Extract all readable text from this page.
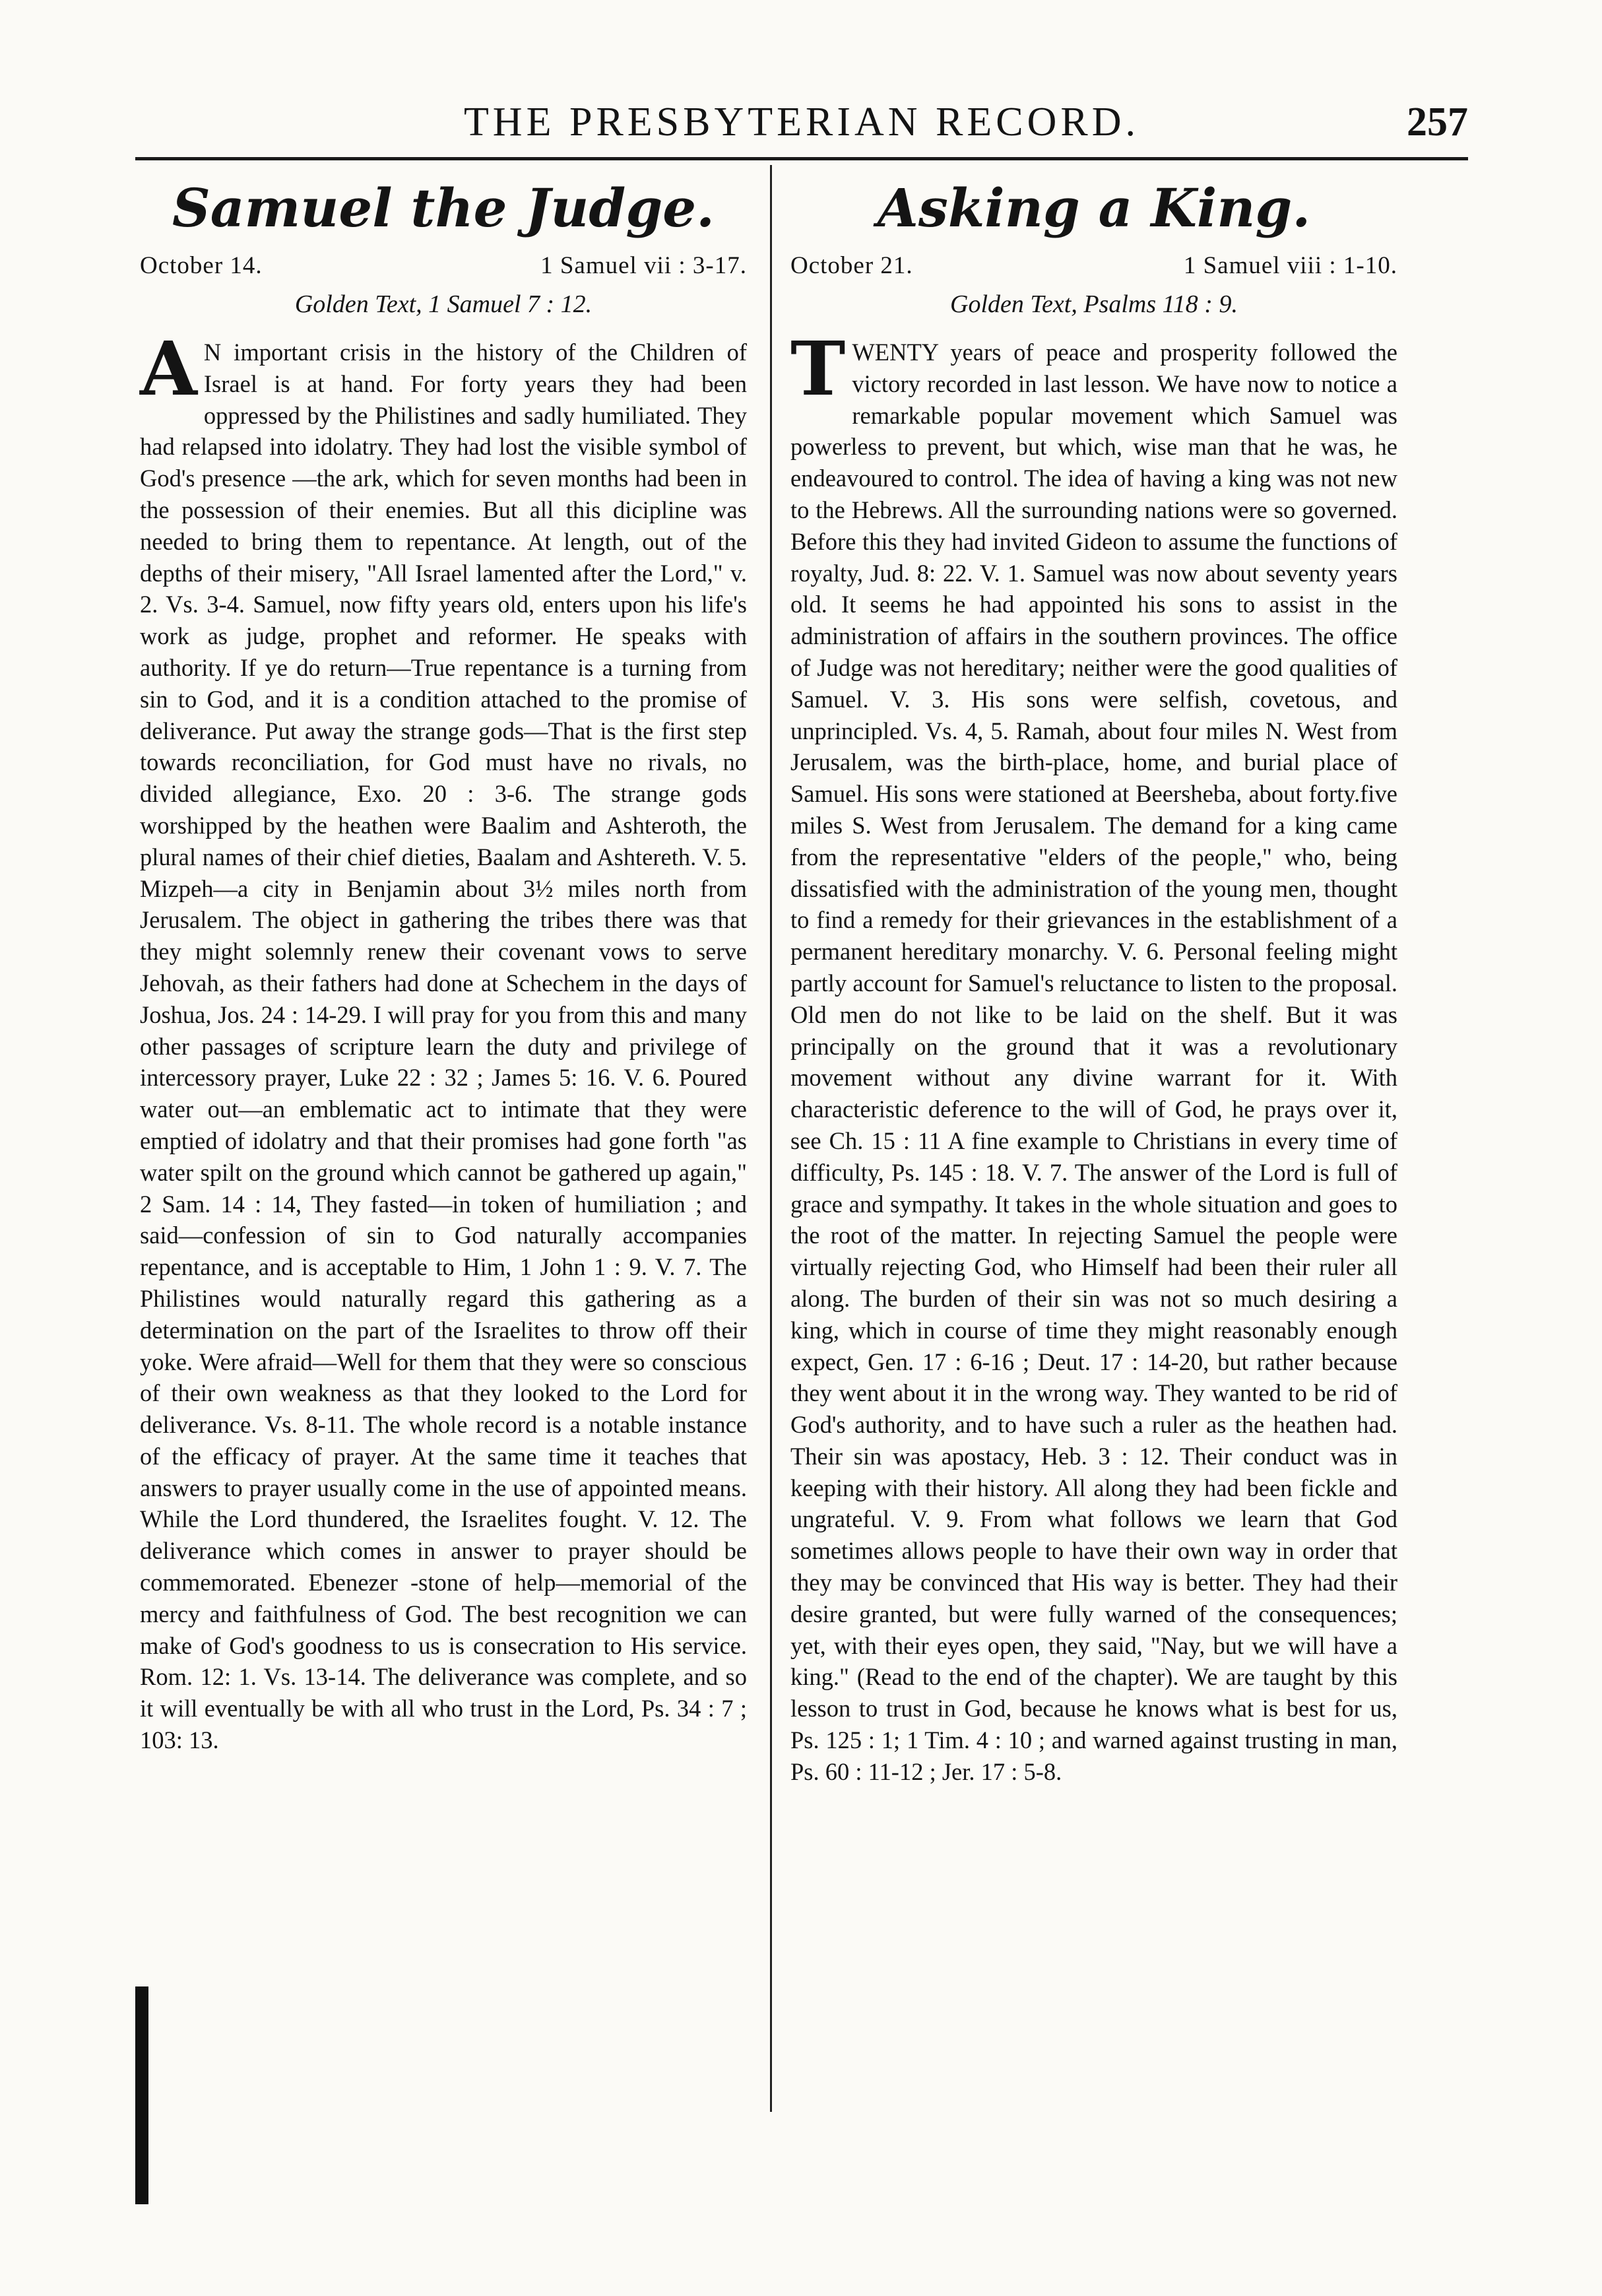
THE PRESBYTERIAN RECORD.	257
Samuel the Judge.
October 14.	1 Samuel vii : 3-17.
Golden Text, 1 Samuel 7 : 12.

A N important crisis in the history of the Children of Israel is at hand. For forty years they had been oppressed by the Philistines and sadly humiliated. They had relapsed into idolatry. They had lost the visible symbol of God's presence —the ark, which for seven months had been in the possession of their enemies. But all this dicipline was needed to bring them to repentance. At length, out of the depths of their misery, "All Israel lamented after the Lord," v. 2. Vs. 3-4. Samuel, now fifty years old, enters upon his life's work as judge, prophet and reformer. He speaks with authority. If ye do return—True repentance is a turning from sin to God, and it is a condition attached to the promise of deliverance. Put away the strange gods—That is the first step towards reconciliation, for God must have no rivals, no divided allegiance, Exo. 20 : 3-6. The strange gods worshipped by the heathen were Baalim and Ashteroth, the plural names of their chief dieties, Baalam and Ashtereth. V. 5. Mizpeh—a city in Benjamin about 3½ miles north from Jerusalem. The object in gathering the tribes there was that they might solemnly renew their covenant vows to serve Jehovah, as their fathers had done at Schechem in the days of Joshua, Jos. 24 : 14-29. I will pray for you from this and many other passages of scripture learn the duty and privilege of intercessory prayer, Luke 22 : 32 ; James 5: 16. V. 6. Poured water out—an emblematic act to intimate that they were emptied of idolatry and that their promises had gone forth "as water spilt on the ground which cannot be gathered up again," 2 Sam. 14 : 14, They fasted—in token of humiliation ; and said—confession of sin to God naturally accompanies repentance, and is acceptable to Him, 1 John 1 : 9. V. 7. The Philistines would naturally regard this gathering as a determination on the part of the Israelites to throw off their yoke. Were afraid—Well for them that they were so conscious of their own weakness as that they looked to the Lord for deliverance. Vs. 8-11. The whole record is a notable instance of the efficacy of prayer. At the same time it teaches that answers to prayer usually come in the use of appointed means. While the Lord thundered, the Israelites fought. V. 12. The deliverance which comes in answer to prayer should be commemorated. Ebenezer -stone of help—memorial of the mercy and faithfulness of God. The best recognition we can make of God's goodness to us is consecration to His service. Rom. 12: 1. Vs. 13-14. The deliverance was complete, and so it will eventually be with all who trust in the Lord, Ps. 34 : 7 ; 103: 13.

Asking a King.
October 21.	1 Samuel viii : 1-10.
Golden Text, Psalms 118 : 9.

TWENTY years of peace and prosperity followed the victory recorded in last lesson. We have now to notice a remarkable popular movement which Samuel was powerless to prevent, but which, wise man that he was, he endeavoured to control. The idea of having a king was not new to the Hebrews. All the surrounding nations were so governed. Before this they had invited Gideon to assume the functions of royalty, Jud. 8: 22. V. 1. Samuel was now about seventy years old. It seems he had appointed his sons to assist in the administration of affairs in the southern provinces. The office of Judge was not hereditary; neither were the good qualities of Samuel. V. 3. His sons were selfish, covetous, and unprincipled. Vs. 4, 5. Ramah, about four miles N. West from Jerusalem, was the birth-place, home, and burial place of Samuel. His sons were stationed at Beersheba, about forty.five miles S. West from Jerusalem. The demand for a king came from the representative "elders of the people," who, being dissatisfied with the administration of the young men, thought to find a remedy for their grievances in the establishment of a permanent hereditary monarchy. V. 6. Personal feeling might partly account for Samuel's reluctance to listen to the proposal. Old men do not like to be laid on the shelf. But it was principally on the ground that it was a revolutionary movement without any divine warrant for it. With characteristic deference to the will of God, he prays over it, see Ch. 15 : 11 A fine example to Christians in every time of difficulty, Ps. 145 : 18. V. 7. The answer of the Lord is full of grace and sympathy. It takes in the whole situation and goes to the root of the matter. In rejecting Samuel the people were virtually rejecting God, who Himself had been their ruler all along. The burden of their sin was not so much desiring a king, which in course of time they might reasonably enough expect, Gen. 17 : 6-16 ; Deut. 17 : 14-20, but rather because they went about it in the wrong way. They wanted to be rid of God's authority, and to have such a ruler as the heathen had. Their sin was apostacy, Heb. 3 : 12. Their conduct was in keeping with their history. All along they had been fickle and ungrateful. V. 9. From what follows we learn that God sometimes allows people to have their own way in order that they may be convinced that His way is better. They had their desire granted, but were fully warned of the consequences; yet, with their eyes open, they said, "Nay, but we will have a king." (Read to the end of the chapter). We are taught by this lesson to trust in God, because he knows what is best for us, Ps. 125 : 1; 1 Tim. 4 : 10 ; and warned against trusting in man, Ps. 60 : 11-12 ; Jer. 17 : 5-8.
